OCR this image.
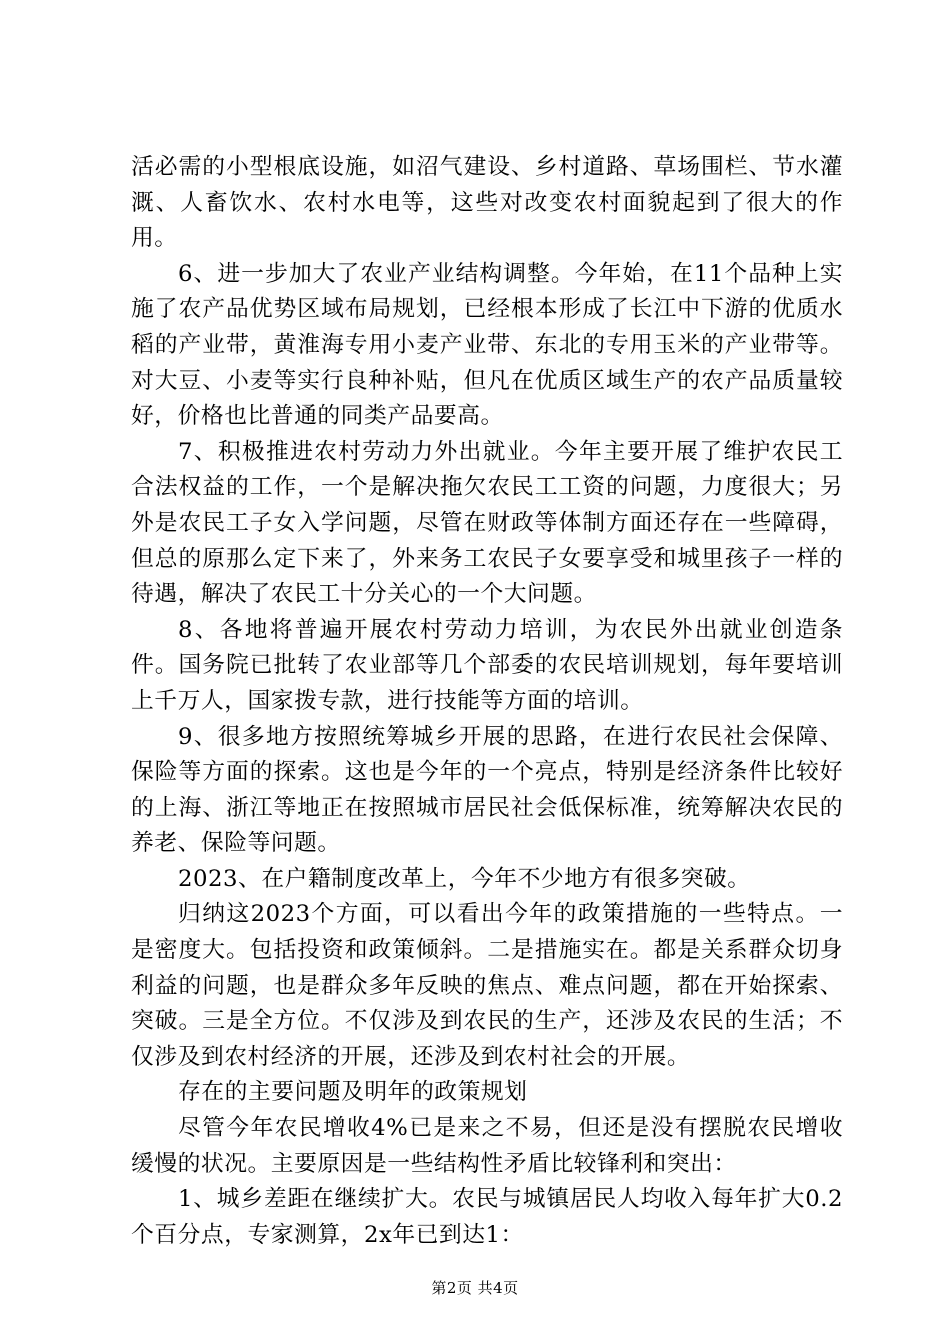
活必需的小型根底设施，如沼气建设、乡村道路、草场围栏、节水灌溉、人畜饮水、农村水电等，这些对改变农村面貌起到了很大的作用。

6、进一步加大了农业产业结构调整。今年始，在11个品种上实施了农产品优势区域布局规划，已经根本形成了长江中下游的优质水稻的产业带，黄淮海专用小麦产业带、东北的专用玉米的产业带等。对大豆、小麦等实行良种补贴，但凡在优质区域生产的农产品质量较好，价格也比普通的同类产品要高。

7、积极推进农村劳动力外出就业。今年主要开展了维护农民工合法权益的工作，一个是解决拖欠农民工工资的问题，力度很大；另外是农民工子女入学问题，尽管在财政等体制方面还存在一些障碍，但总的原那么定下来了，外来务工农民子女要享受和城里孩子一样的待遇，解决了农民工十分关心的一个大问题。

8、各地将普遍开展农村劳动力培训，为农民外出就业创造条件。国务院已批转了农业部等几个部委的农民培训规划，每年要培训上千万人，国家拨专款，进行技能等方面的培训。

9、很多地方按照统筹城乡开展的思路，在进行农民社会保障、保险等方面的探索。这也是今年的一个亮点，特别是经济条件比较好的上海、浙江等地正在按照城市居民社会低保标准，统筹解决农民的养老、保险等问题。

2023、在户籍制度改革上，今年不少地方有很多突破。

归纳这2023个方面，可以看出今年的政策措施的一些特点。一是密度大。包括投资和政策倾斜。二是措施实在。都是关系群众切身利益的问题，也是群众多年反映的焦点、难点问题，都在开始探索、突破。三是全方位。不仅涉及到农民的生产，还涉及农民的生活；不仅涉及到农村经济的开展，还涉及到农村社会的开展。

存在的主要问题及明年的政策规划

尽管今年农民增收4%已是来之不易，但还是没有摆脱农民增收缓慢的状况。主要原因是一些结构性矛盾比较锋利和突出：

1、城乡差距在继续扩大。农民与城镇居民人均收入每年扩大0.2个百分点，专家测算，2x年已到达1：

第2页 共4页
